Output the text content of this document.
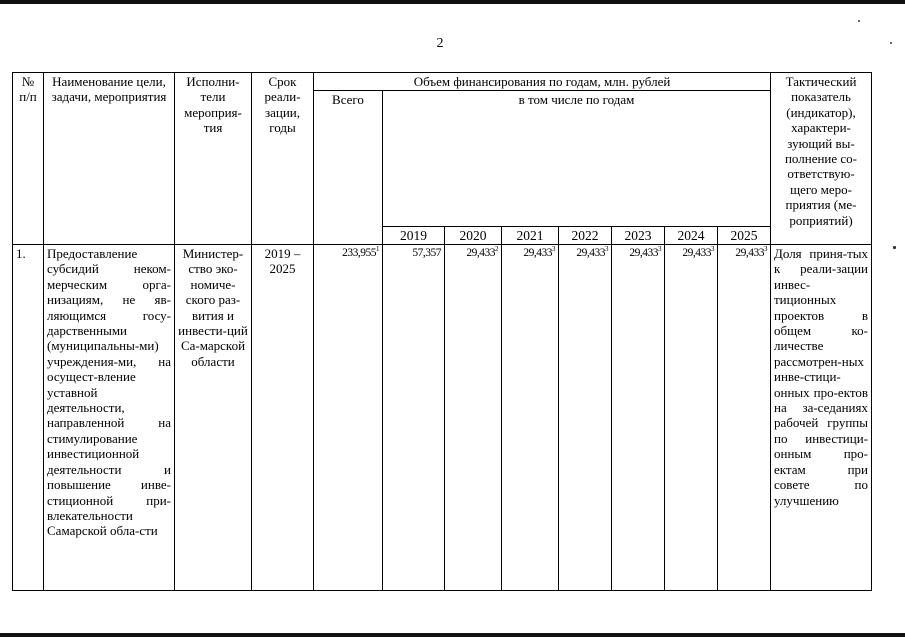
2
№ п/п	Наименование цели, задачи, мероприятия	Исполни-тели мероприя-тия	Срок реали-зации, годы	Объем финансирования по годам, млн. рублей								Тактический показатель (индикатор), характери-зующий вы-полнение со-ответствую-щего меро-приятия (ме-роприятий)
				Всего	в том числе по годам							
					2019	2020	2021	2022	2023	2024	2025	
1.	Предоставление субсидий неком-мерческим орга-низациям, не яв-ляющимся госу-дарственными (муниципальны-ми) учреждения-ми, на осущест-вление уставной деятельности, направленной на стимулирование инвестиционной деятельности и повышение инве-стиционной при-влекательности Самарской обла-сти	Министер-ство эко-номиче-ского раз-вития и инвести-ций Са-марской области	2019 – 2025	233,955$^1$	57,357	29,433$^2$	29,433$^3$	29,433$^3$	29,433$^3$	29,433$^3$	29,433$^3$	Доля приня-тых к реали-зации инвес-тиционных проектов в общем ко-личестве рассмотрен-ных инве-стици-онных про-ектов на за-седаниях рабочей группы по инвестици-онным про-ектам при совете по улучшению
